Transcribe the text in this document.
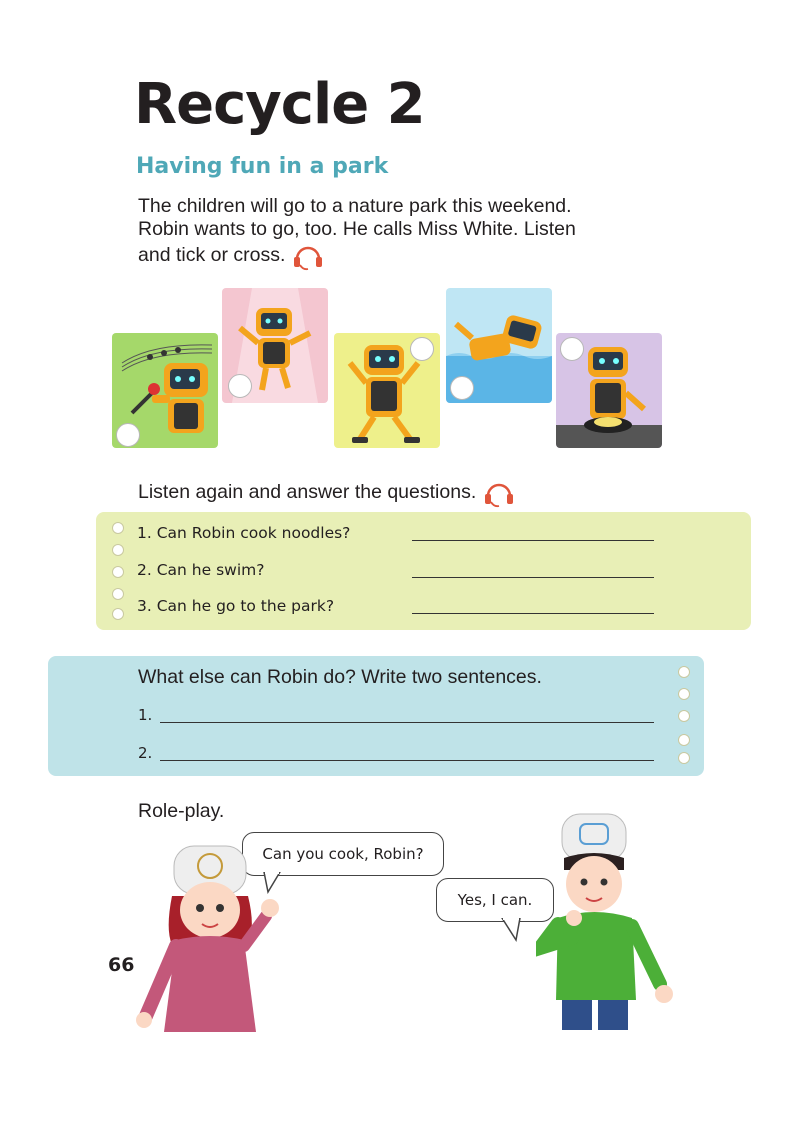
Recycle 2
Having fun in a park
The children will go to a nature park this weekend.
Robin wants to go, too. He calls Miss White. Listen
and tick or cross.
Listen again and answer the questions.
1. Can Robin cook noodles?
2. Can he swim?
3. Can he go to the park?
What else can Robin do? Write two sentences.
1.
2.
Role-play.
Can you cook, Robin?
Yes, I can.
66
